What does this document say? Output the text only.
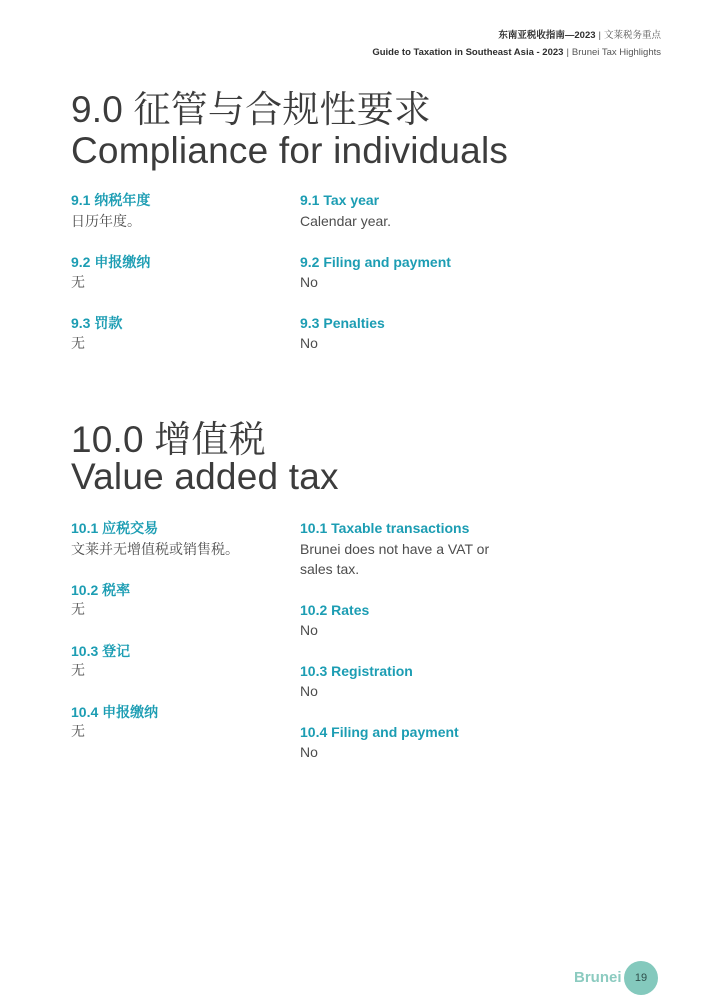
东南亚税收指南—2023 | 文莱税务重点
Guide to Taxation in Southeast Asia - 2023 | Brunei Tax Highlights
9.0 征管与合规性要求
Compliance for individuals
9.1 纳税年度
日历年度。
9.2 申报缴纳
无
9.3 罚款
无
9.1 Tax year
Calendar year.
9.2 Filing and payment
No
9.3 Penalties
No
10.0 增值税
Value added tax
10.1 应税交易
文莱并无增值税或销售税。
10.2 税率
无
10.3 登记
无
10.4 申报缴纳
无
10.1 Taxable transactions
Brunei does not have a VAT or sales tax.
10.2 Rates
No
10.3 Registration
No
10.4 Filing and payment
No
Brunei 19
